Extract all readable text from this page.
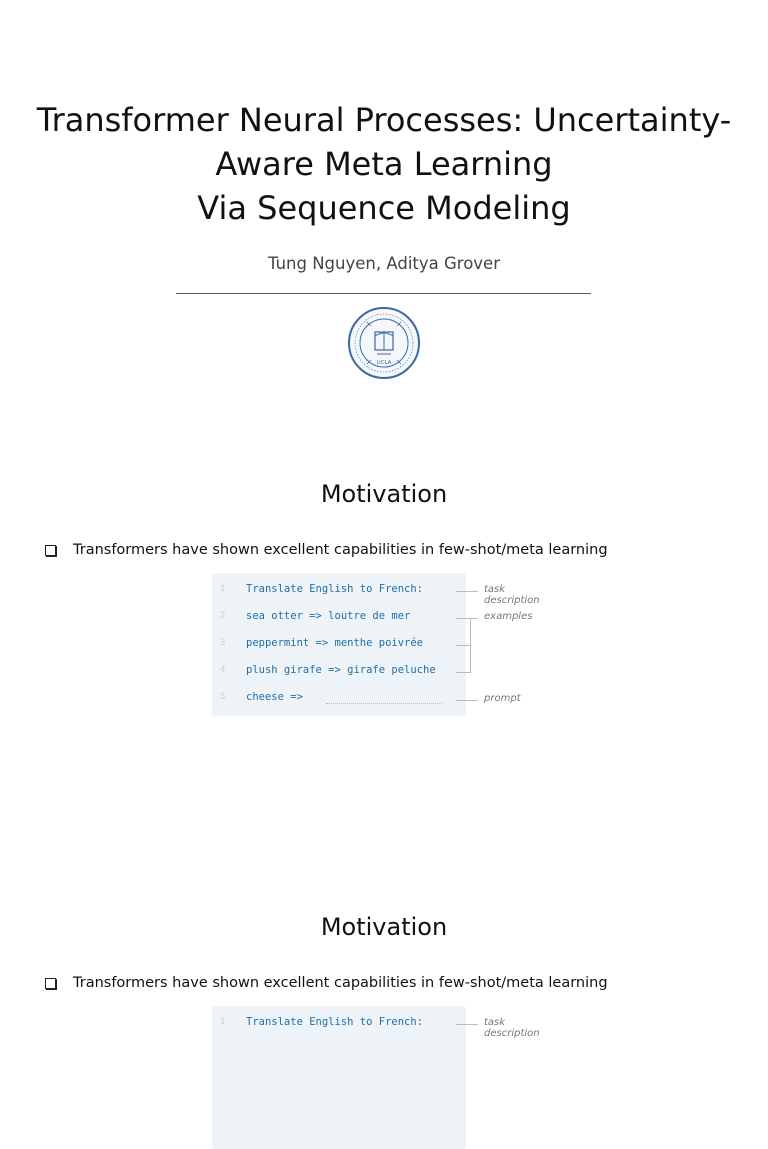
Transformer Neural Processes: Uncertainty-
Aware Meta Learning
Via Sequence Modeling
Tung Nguyen, Aditya Grover
UCLA
Motivation
Transformers have shown excellent capabilities in few-shot/meta learning
1 Translate English to French:
2 sea otter => loutre de mer
3 peppermint => menthe poivrée
4 plush girafe => girafe peluche
5 cheese =>
task description
examples
prompt
Motivation
Transformers have shown excellent capabilities in few-shot/meta learning
1 Translate English to French:	task description
